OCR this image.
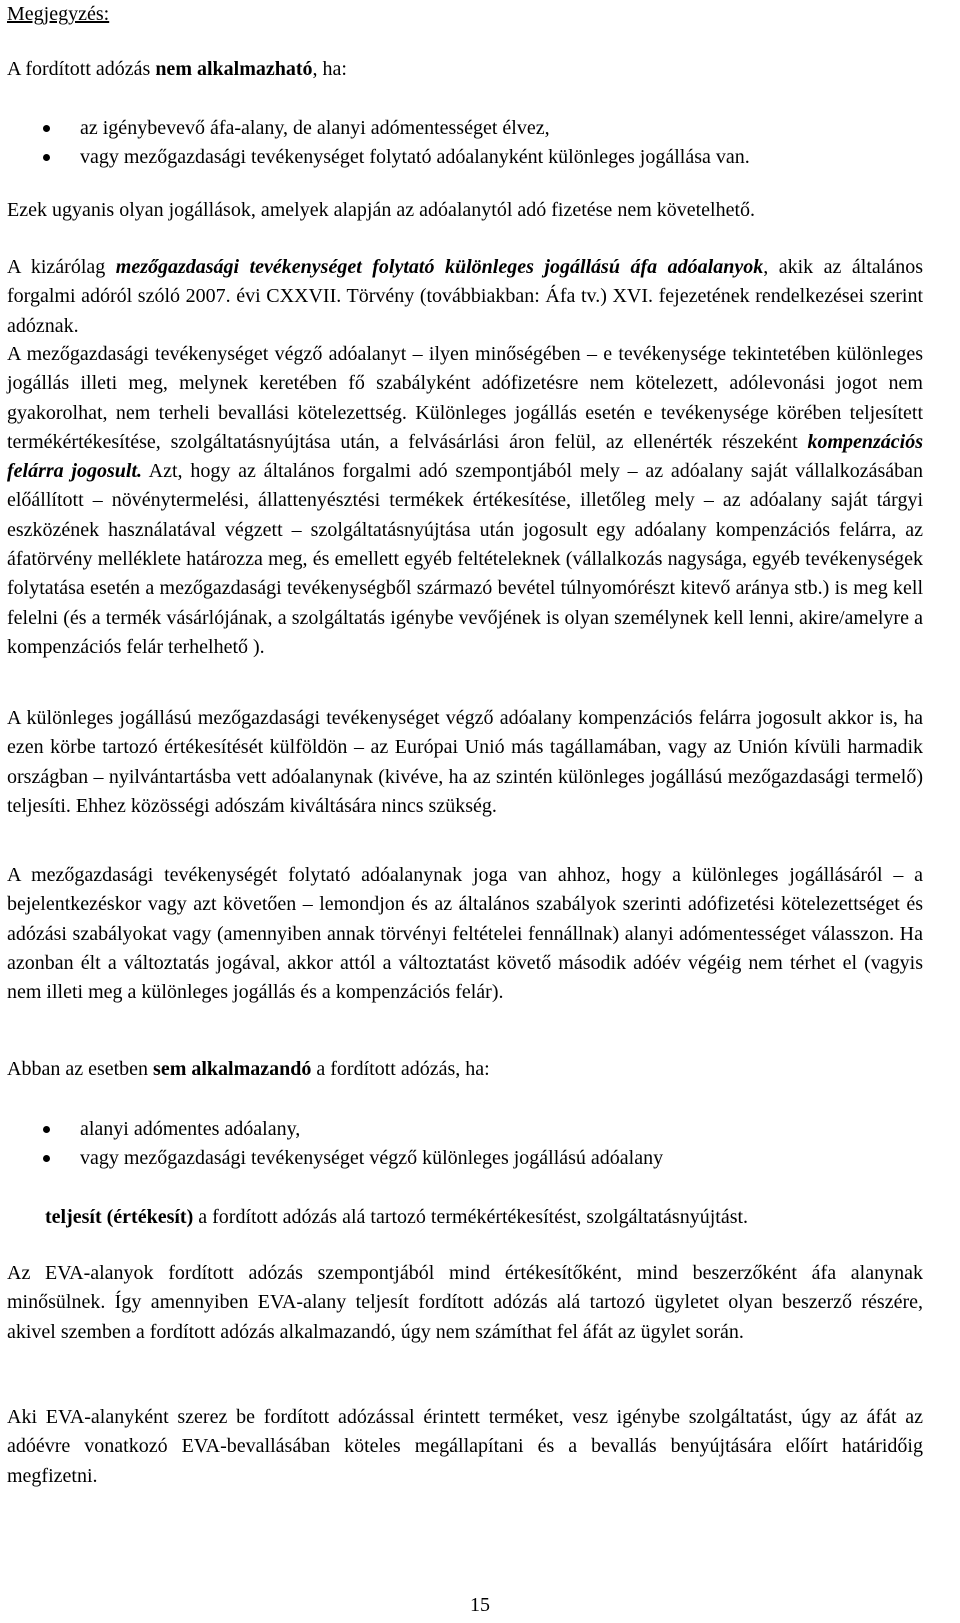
Megjegyzés:

A fordított adózás nem alkalmazható, ha:

az igénybevevő áfa-alany, de alanyi adómentességet élvez,
vagy mezőgazdasági tevékenységet folytató adóalanyként különleges jogállása van.

Ezek ugyanis olyan jogállások, amelyek alapján az adóalanytól adó fizetése nem követelhető.

A kizárólag mezőgazdasági tevékenységet folytató különleges jogállású áfa adóalanyok, akik az általános forgalmi adóról szóló 2007. évi CXXVII. Törvény (továbbiakban: Áfa tv.) XVI. fejezetének rendelkezései szerint adóznak.

A mezőgazdasági tevékenységet végző adóalanyt – ilyen minőségében – e tevékenysége tekintetében különleges jogállás illeti meg, melynek keretében fő szabályként adófizetésre nem kötelezett, adólevonási jogot nem gyakorolhat, nem terheli bevallási kötelezettség. Különleges jogállás esetén e tevékenysége körében teljesített termékértékesítése, szolgáltatásnyújtása után, a felvásárlási áron felül, az ellenérték részeként kompenzációs felárra jogosult. Azt, hogy az általános forgalmi adó szempontjából mely – az adóalany saját vállalkozásában előállított – növénytermelési, állattenyésztési termékek értékesítése, illetőleg mely – az adóalany saját tárgyi eszközének használatával végzett – szolgáltatásnyújtása után jogosult egy adóalany kompenzációs felárra, az áfatörvény melléklete határozza meg, és emellett egyéb feltételeknek (vállalkozás nagysága, egyéb tevékenységek folytatása esetén a mezőgazdasági tevékenységből származó bevétel túlnyomórészt kitevő aránya stb.) is meg kell felelni (és a termék vásárlójának, a szolgáltatás igénybe vevőjének is olyan személynek kell lenni, akire/amelyre a kompenzációs felár terhelhető ).

A különleges jogállású mezőgazdasági tevékenységet végző adóalany kompenzációs felárra jogosult akkor is, ha ezen körbe tartozó értékesítését külföldön – az Európai Unió más tagállamában, vagy az Unión kívüli harmadik országban – nyilvántartásba vett adóalanynak (kivéve, ha az szintén különleges jogállású mezőgazdasági termelő) teljesíti. Ehhez közösségi adószám kiváltására nincs szükség.

A mezőgazdasági tevékenységét folytató adóalanynak joga van ahhoz, hogy a különleges jogállásáról – a bejelentkezéskor vagy azt követően – lemondjon és az általános szabályok szerinti adófizetési kötelezettséget és adózási szabályokat vagy (amennyiben annak törvényi feltételei fennállnak) alanyi adómentességet válasszon. Ha azonban élt a változtatás jogával, akkor attól a változtatást követő második adóév végéig nem térhet el (vagyis nem illeti meg a különleges jogállás és a kompenzációs felár).

Abban az esetben sem alkalmazandó a fordított adózás, ha:

alanyi adómentes adóalany,
vagy mezőgazdasági tevékenységet végző különleges jogállású adóalany

teljesít (értékesít) a fordított adózás alá tartozó termékértékesítést, szolgáltatásnyújtást.

Az EVA-alanyok fordított adózás szempontjából mind értékesítőként, mind beszerzőként áfa alanynak minősülnek. Így amennyiben EVA-alany teljesít fordított adózás alá tartozó ügyletet olyan beszerző részére, akivel szemben a fordított adózás alkalmazandó, úgy nem számíthat fel áfát az ügylet során.

Aki EVA-alanyként szerez be fordított adózással érintett terméket, vesz igénybe szolgáltatást, úgy az áfát az adóévre vonatkozó EVA-bevallásában köteles megállapítani és a bevallás benyújtására előírt határidőig megfizetni.

15
